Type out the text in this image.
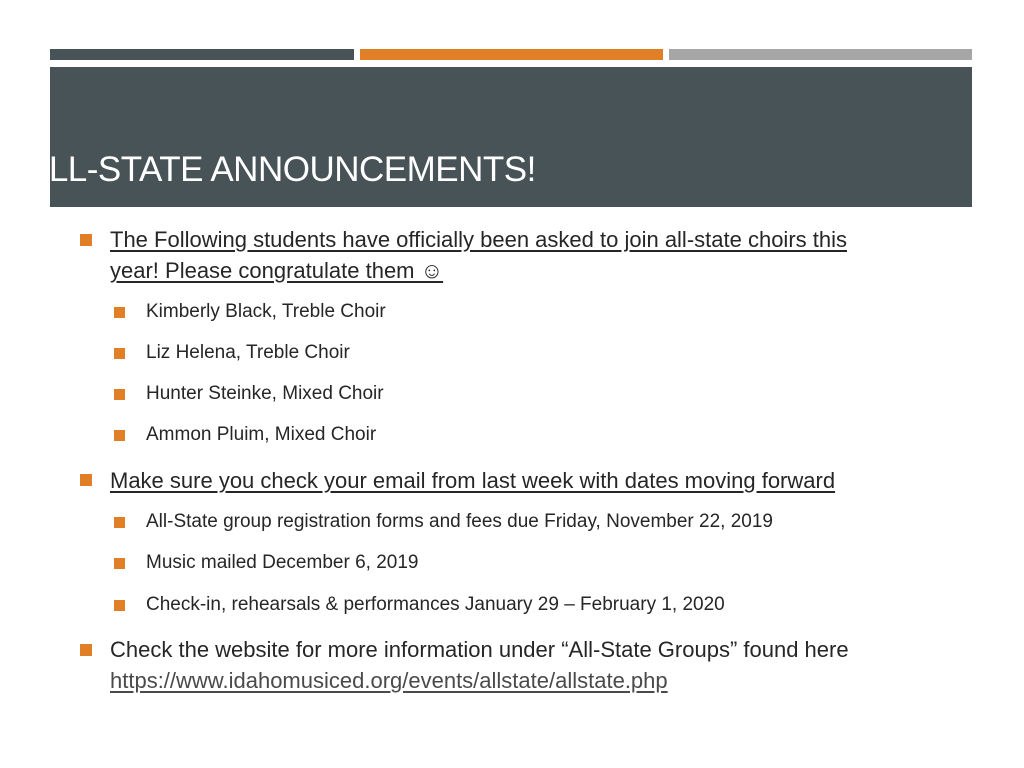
ALL-STATE ANNOUNCEMENTS!
The Following students have officially been asked to join all-state choirs this
year! Please congratulate them ☺
Kimberly Black, Treble Choir
Liz Helena, Treble Choir
Hunter Steinke, Mixed Choir
Ammon Pluim, Mixed Choir
Make sure you check your email from last week with dates moving forward
All-State group registration forms and fees due Friday, November 22, 2019
Music mailed December 6, 2019
Check-in, rehearsals & performances January 29 – February 1, 2020
Check the website for more information under “All-State Groups” found here
https://www.idahomusiced.org/events/allstate/allstate.php
